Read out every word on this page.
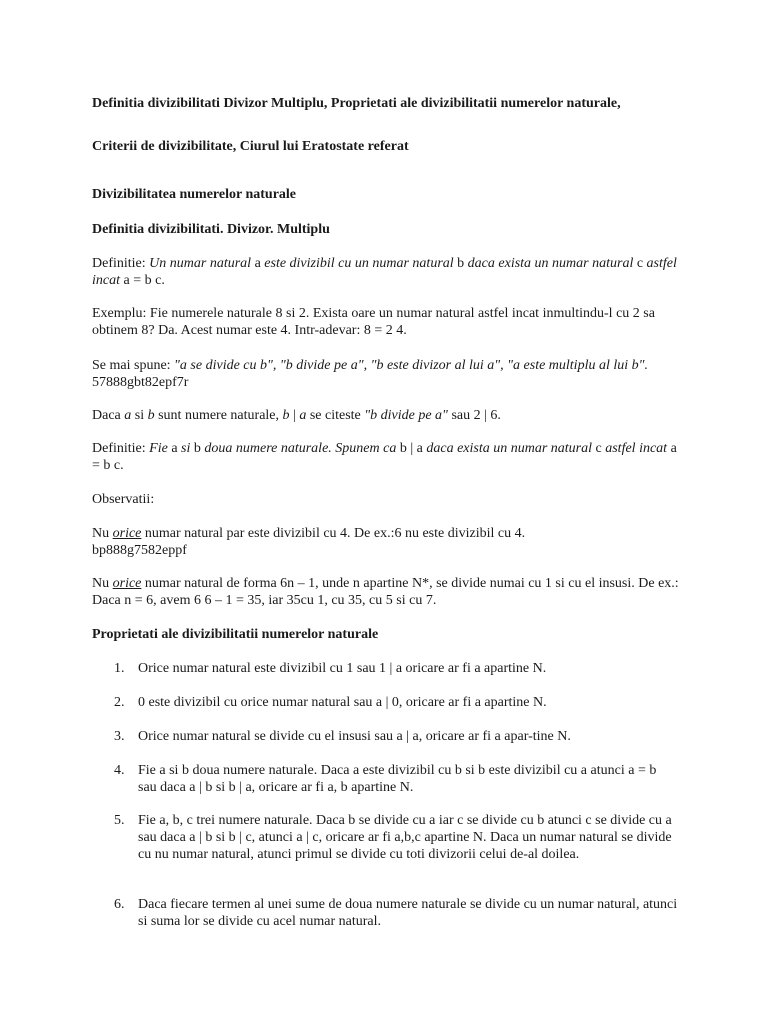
Definitia divizibilitati Divizor Multiplu, Proprietati ale divizibilitatii numerelor naturale,
Criterii de divizibilitate, Ciurul lui Eratostate referat
Divizibilitatea numerelor naturale
Definitia divizibilitati. Divizor. Multiplu

Definitie: Un numar natural a este divizibil cu un numar natural b daca exista un numar natural c astfel incat a = b c.

Exemplu: Fie numerele naturale 8 si 2. Exista oare un numar natural astfel incat inmultindu-l cu 2 sa obtinem 8? Da. Acest numar este 4. Intr-adevar: 8 = 2 4.

Se mai spune: "a se divide cu b", "b divide pe a", "b este divizor al lui a", "a este multiplu al lui b". 57888gbt82epf7r

Daca a si b sunt numere naturale, b | a se citeste "b divide pe a" sau 2 | 6.

Definitie: Fie a si b doua numere naturale. Spunem ca b | a daca exista un numar natural c astfel incat a = b c.

Observatii:

Nu orice numar natural par este divizibil cu 4. De ex.:6 nu este divizibil cu 4.
bp888g7582eppf

Nu orice numar natural de forma 6n – 1, unde n apartine N*, se divide numai cu 1 si cu el insusi. De ex.: Daca n = 6, avem 6 6 – 1 = 35, iar 35cu 1, cu 35, cu 5 si cu 7.

Proprietati ale divizibilitatii numerelor naturale
1. Orice numar natural este divizibil cu 1 sau 1 | a oricare ar fi a apartine N.
2. 0 este divizibil cu orice numar natural sau a | 0, oricare ar fi a apartine N.
3. Orice numar natural se divide cu el insusi sau a | a, oricare ar fi a apar-tine N.
4. Fie a si b doua numere naturale. Daca a este divizibil cu b si b este divizibil cu a atunci a = b sau daca a | b si b | a, oricare ar fi a, b apartine N.
5. Fie a, b, c trei numere naturale. Daca b se divide cu a iar c se divide cu b atunci c se divide cu a sau daca a | b si b | c, atunci a | c, oricare ar fi a,b,c apartine N. Daca un numar natural se divide cu nu numar natural, atunci primul se divide cu toti divizorii celui de-al doilea.
6. Daca fiecare termen al unei sume de doua numere naturale se divide cu un numar natural, atunci si suma lor se divide cu acel numar natural.
